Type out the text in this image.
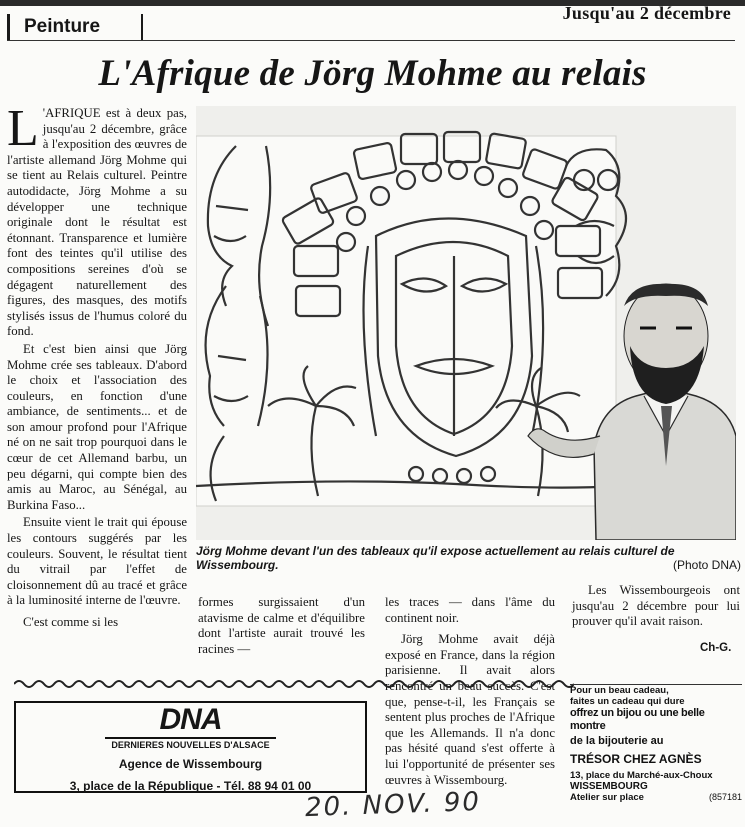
Peinture
Jusqu'au 2 décembre
L'Afrique de Jörg Mohme au relais

L 'AFRIQUE est à deux pas, jusqu'au 2 décembre, grâce à l'exposition des œuvres de l'artiste allemand Jörg Mohme qui se tient au Relais culturel. Peintre autodidacte, Jörg Mohme a su développer une technique originale dont le résultat est étonnant. Transparence et lumière font des teintes qu'il utilise des compositions sereines d'où se dégagent naturellement des figures, des masques, des motifs stylisés issus de l'humus coloré du fond.

Et c'est bien ainsi que Jörg Mohme crée ses tableaux. D'abord le choix et l'association des couleurs, en fonction d'une ambiance, de sentiments... et de son amour profond pour l'Afrique né on ne sait trop pourquoi dans le cœur de cet Allemand barbu, un peu dégarni, qui compte bien des amis au Maroc, au Sénégal, au Burkina Faso...

Ensuite vient le trait qui épouse les contours suggérés par les couleurs. Souvent, le résultat tient du vitrail par l'effet de cloisonnement dû au tracé et grâce à la luminosité interne de l'œuvre.

C'est comme si les

Jörg Mohme devant l'un des tableaux qu'il expose actuellement au relais culturel de Wissembourg.	(Photo DNA)

formes surgissaient d'un atavisme de calme et d'équilibre dont l'artiste aurait trouvé les racines —

les traces — dans l'âme du continent noir.

Jörg Mohme avait déjà exposé en France, dans la région parisienne. Il avait alors rencontré un beau succès. C'est que, pense-t-il, les Français se sentent plus proches de l'Afrique que les Allemands. Il n'a donc pas hésité quand s'est offerte à lui l'opportunité de présenter ses œuvres à Wissembourg.

Les Wissembourgeois ont jusqu'au 2 décembre pour lui prouver qu'il avait raison.

Ch-G.
DNA
DERNIERES NOUVELLES D'ALSACE
Agence de Wissembourg
3, place de la République - Tél. 88 94 01 00
Pour un beau cadeau,
faites un cadeau qui dure
offrez un bijou ou une belle montre
de la bijouterie au
TRÉSOR CHEZ AGNÈS
13, place du Marché-aux-Choux
WISSEMBOURG
Atelier sur place	(857181
20. NOV. 90
